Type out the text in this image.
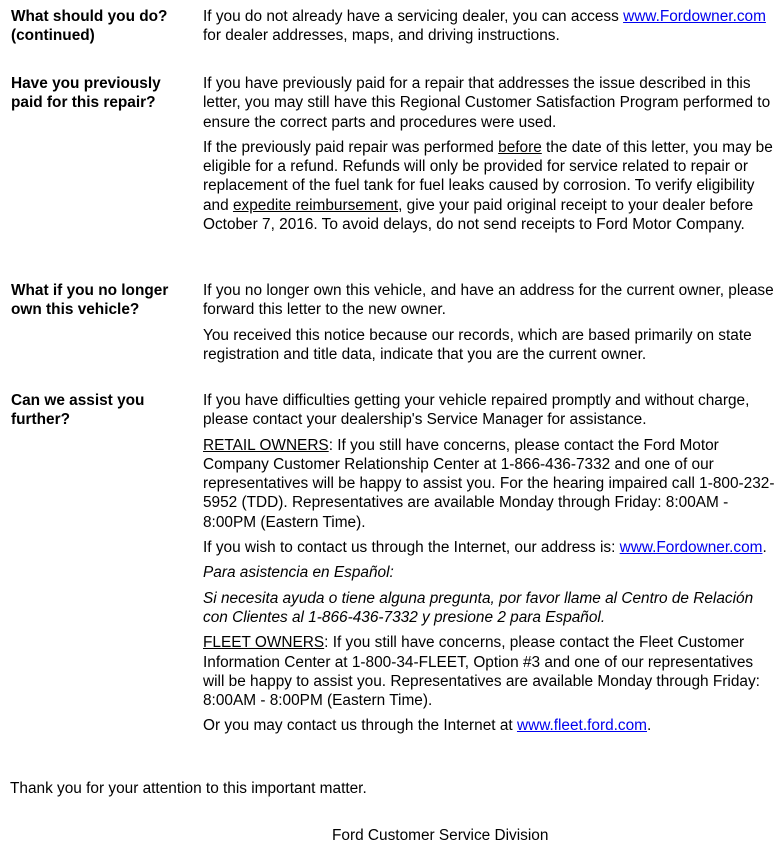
What should you do?
(continued)

If you do not already have a servicing dealer, you can access www.Fordowner.com for dealer addresses, maps, and driving instructions.

Have you previously
paid for this repair?

If you have previously paid for a repair that addresses the issue described in this letter, you may still have this Regional Customer Satisfaction Program performed to ensure the correct parts and procedures were used.

If the previously paid repair was performed before the date of this letter, you may be eligible for a refund. Refunds will only be provided for service related to repair or replacement of the fuel tank for fuel leaks caused by corrosion. To verify eligibility and expedite reimbursement, give your paid original receipt to your dealer before October 7, 2016. To avoid delays, do not send receipts to Ford Motor Company.

What if you no longer
own this vehicle?

If you no longer own this vehicle, and have an address for the current owner, please forward this letter to the new owner.

You received this notice because our records, which are based primarily on state registration and title data, indicate that you are the current owner.

Can we assist you
further?

If you have difficulties getting your vehicle repaired promptly and without charge, please contact your dealership's Service Manager for assistance.

RETAIL OWNERS: If you still have concerns, please contact the Ford Motor Company Customer Relationship Center at 1-866-436-7332 and one of our representatives will be happy to assist you. For the hearing impaired call 1-800-232-5952 (TDD). Representatives are available Monday through Friday: 8:00AM - 8:00PM (Eastern Time).

If you wish to contact us through the Internet, our address is: www.Fordowner.com.

Para asistencia en Español:

Si necesita ayuda o tiene alguna pregunta, por favor llame al Centro de Relación con Clientes al 1-866-436-7332 y presione 2 para Español.

FLEET OWNERS: If you still have concerns, please contact the Fleet Customer Information Center at 1-800-34-FLEET, Option #3 and one of our representatives will be happy to assist you. Representatives are available Monday through Friday: 8:00AM - 8:00PM (Eastern Time).

Or you may contact us through the Internet at www.fleet.ford.com.

Thank you for your attention to this important matter.
Ford Customer Service Division
